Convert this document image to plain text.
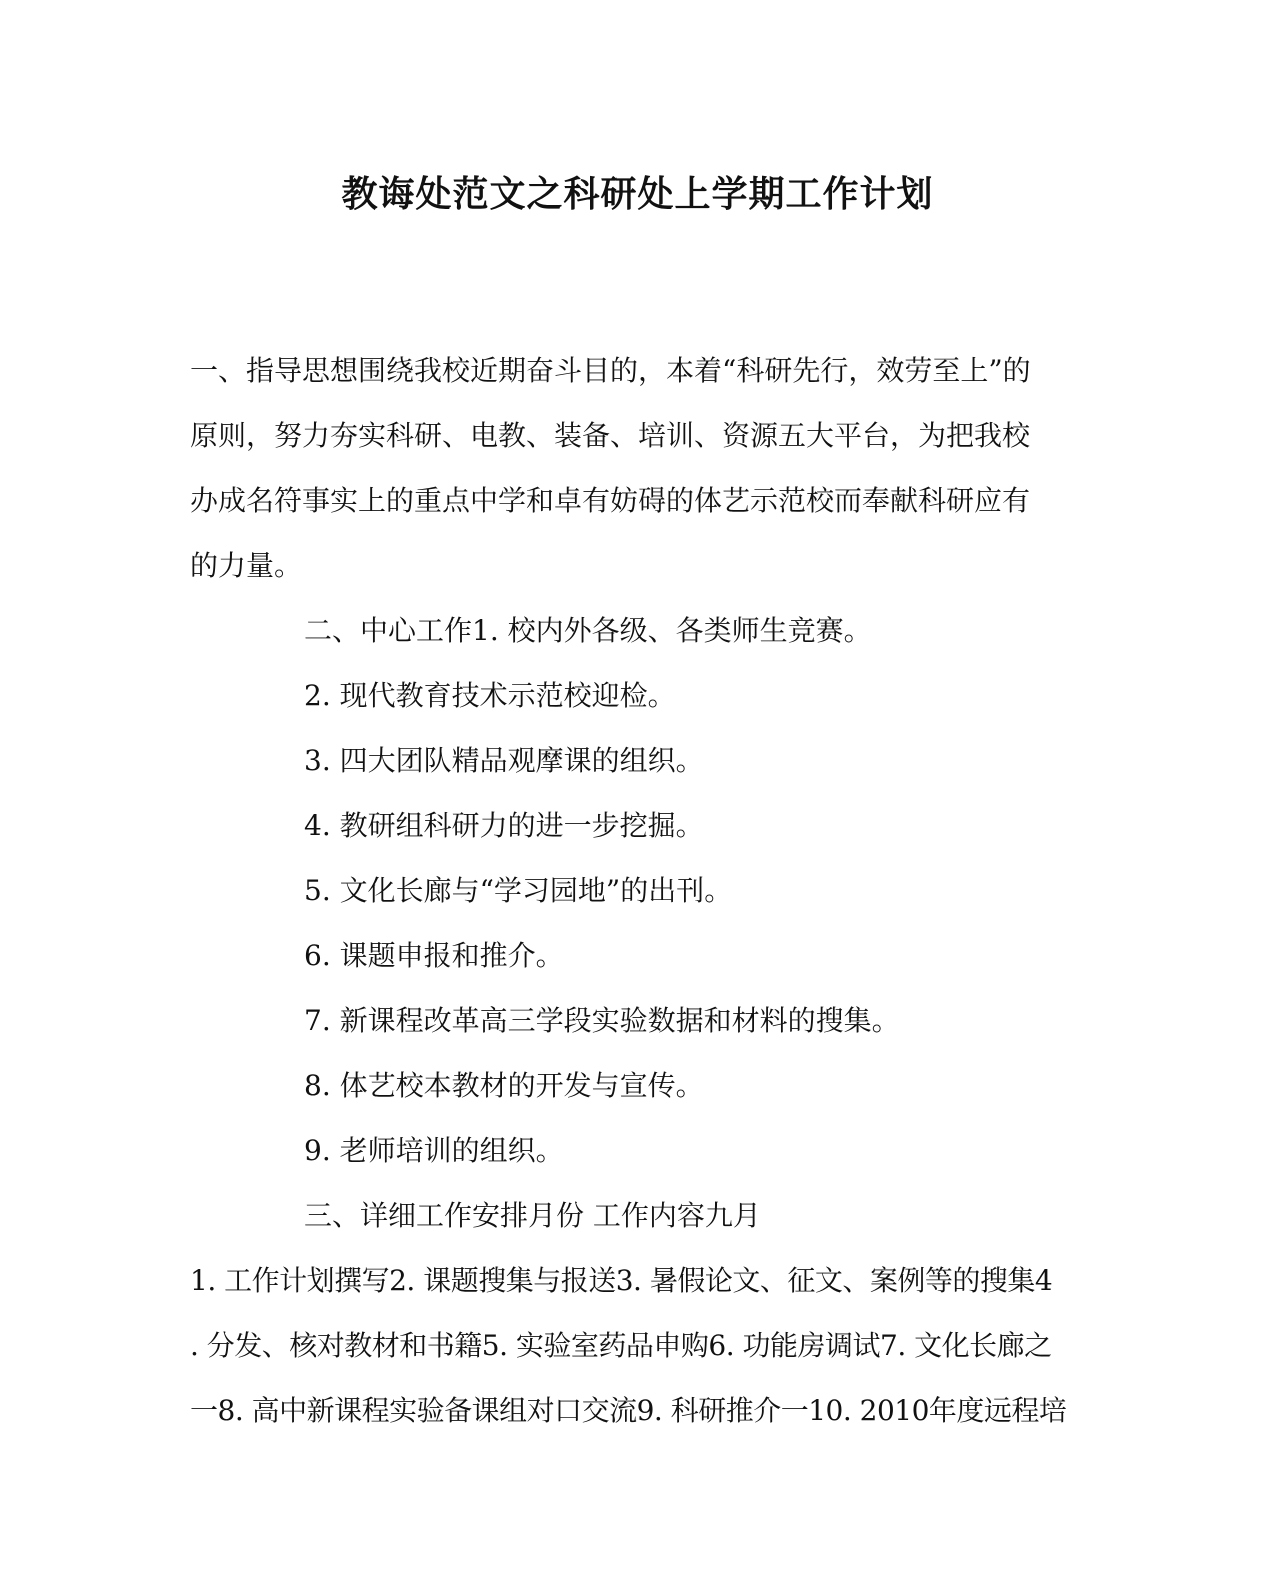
教诲处范文之科研处上学期工作计划
一、指导思想围绕我校近期奋斗目的，本着“科研先行，效劳至上”的
原则，努力夯实科研、电教、装备、培训、资源五大平台，为把我校
办成名符事实上的重点中学和卓有妨碍的体艺示范校而奉献科研应有
的力量。
二、中心工作1. 校内外各级、各类师生竞赛。
2. 现代教育技术示范校迎检。
3. 四大团队精品观摩课的组织。
4. 教研组科研力的进一步挖掘。
5. 文化长廊与“学习园地”的出刊。
6. 课题申报和推介。
7. 新课程改革高三学段实验数据和材料的搜集。
8. 体艺校本教材的开发与宣传。
9. 老师培训的组织。
三、详细工作安排月份 工作内容九月
1. 工作计划撰写2. 课题搜集与报送3. 暑假论文、征文、案例等的搜集4
. 分发、核对教材和书籍5. 实验室药品申购6. 功能房调试7. 文化长廊之
一8. 高中新课程实验备课组对口交流9. 科研推介一10. 2010年度远程培
